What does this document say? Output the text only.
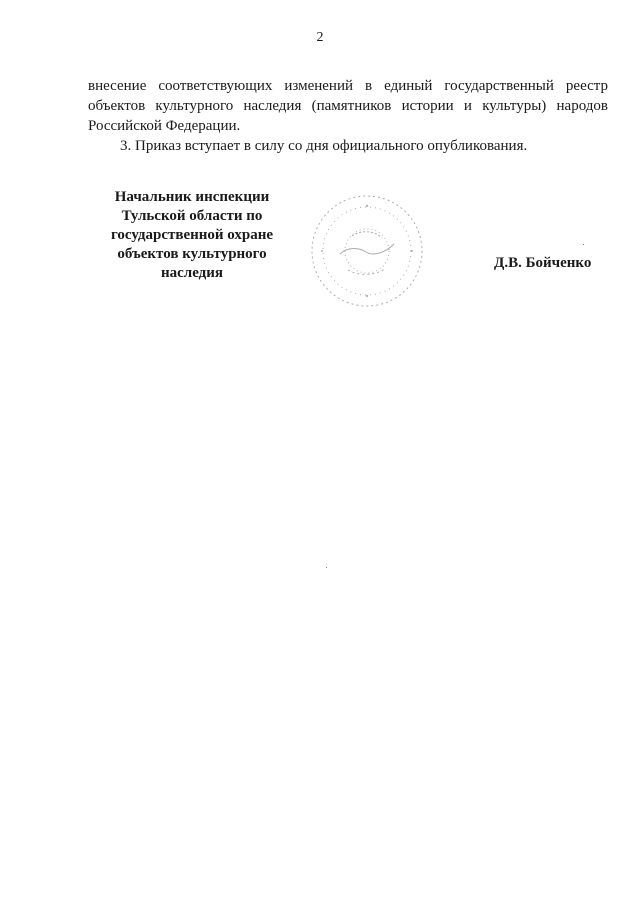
2
внесение соответствующих изменений в единый государственный реестр
объектов культурного наследия (памятников истории и культуры) народов
Российской Федерации.
3. Приказ вступает в силу со дня официального опубликования.
Начальник инспекции
Тульской области по
государственной охране
объектов культурного
наследия
Д.В. Бойченко
